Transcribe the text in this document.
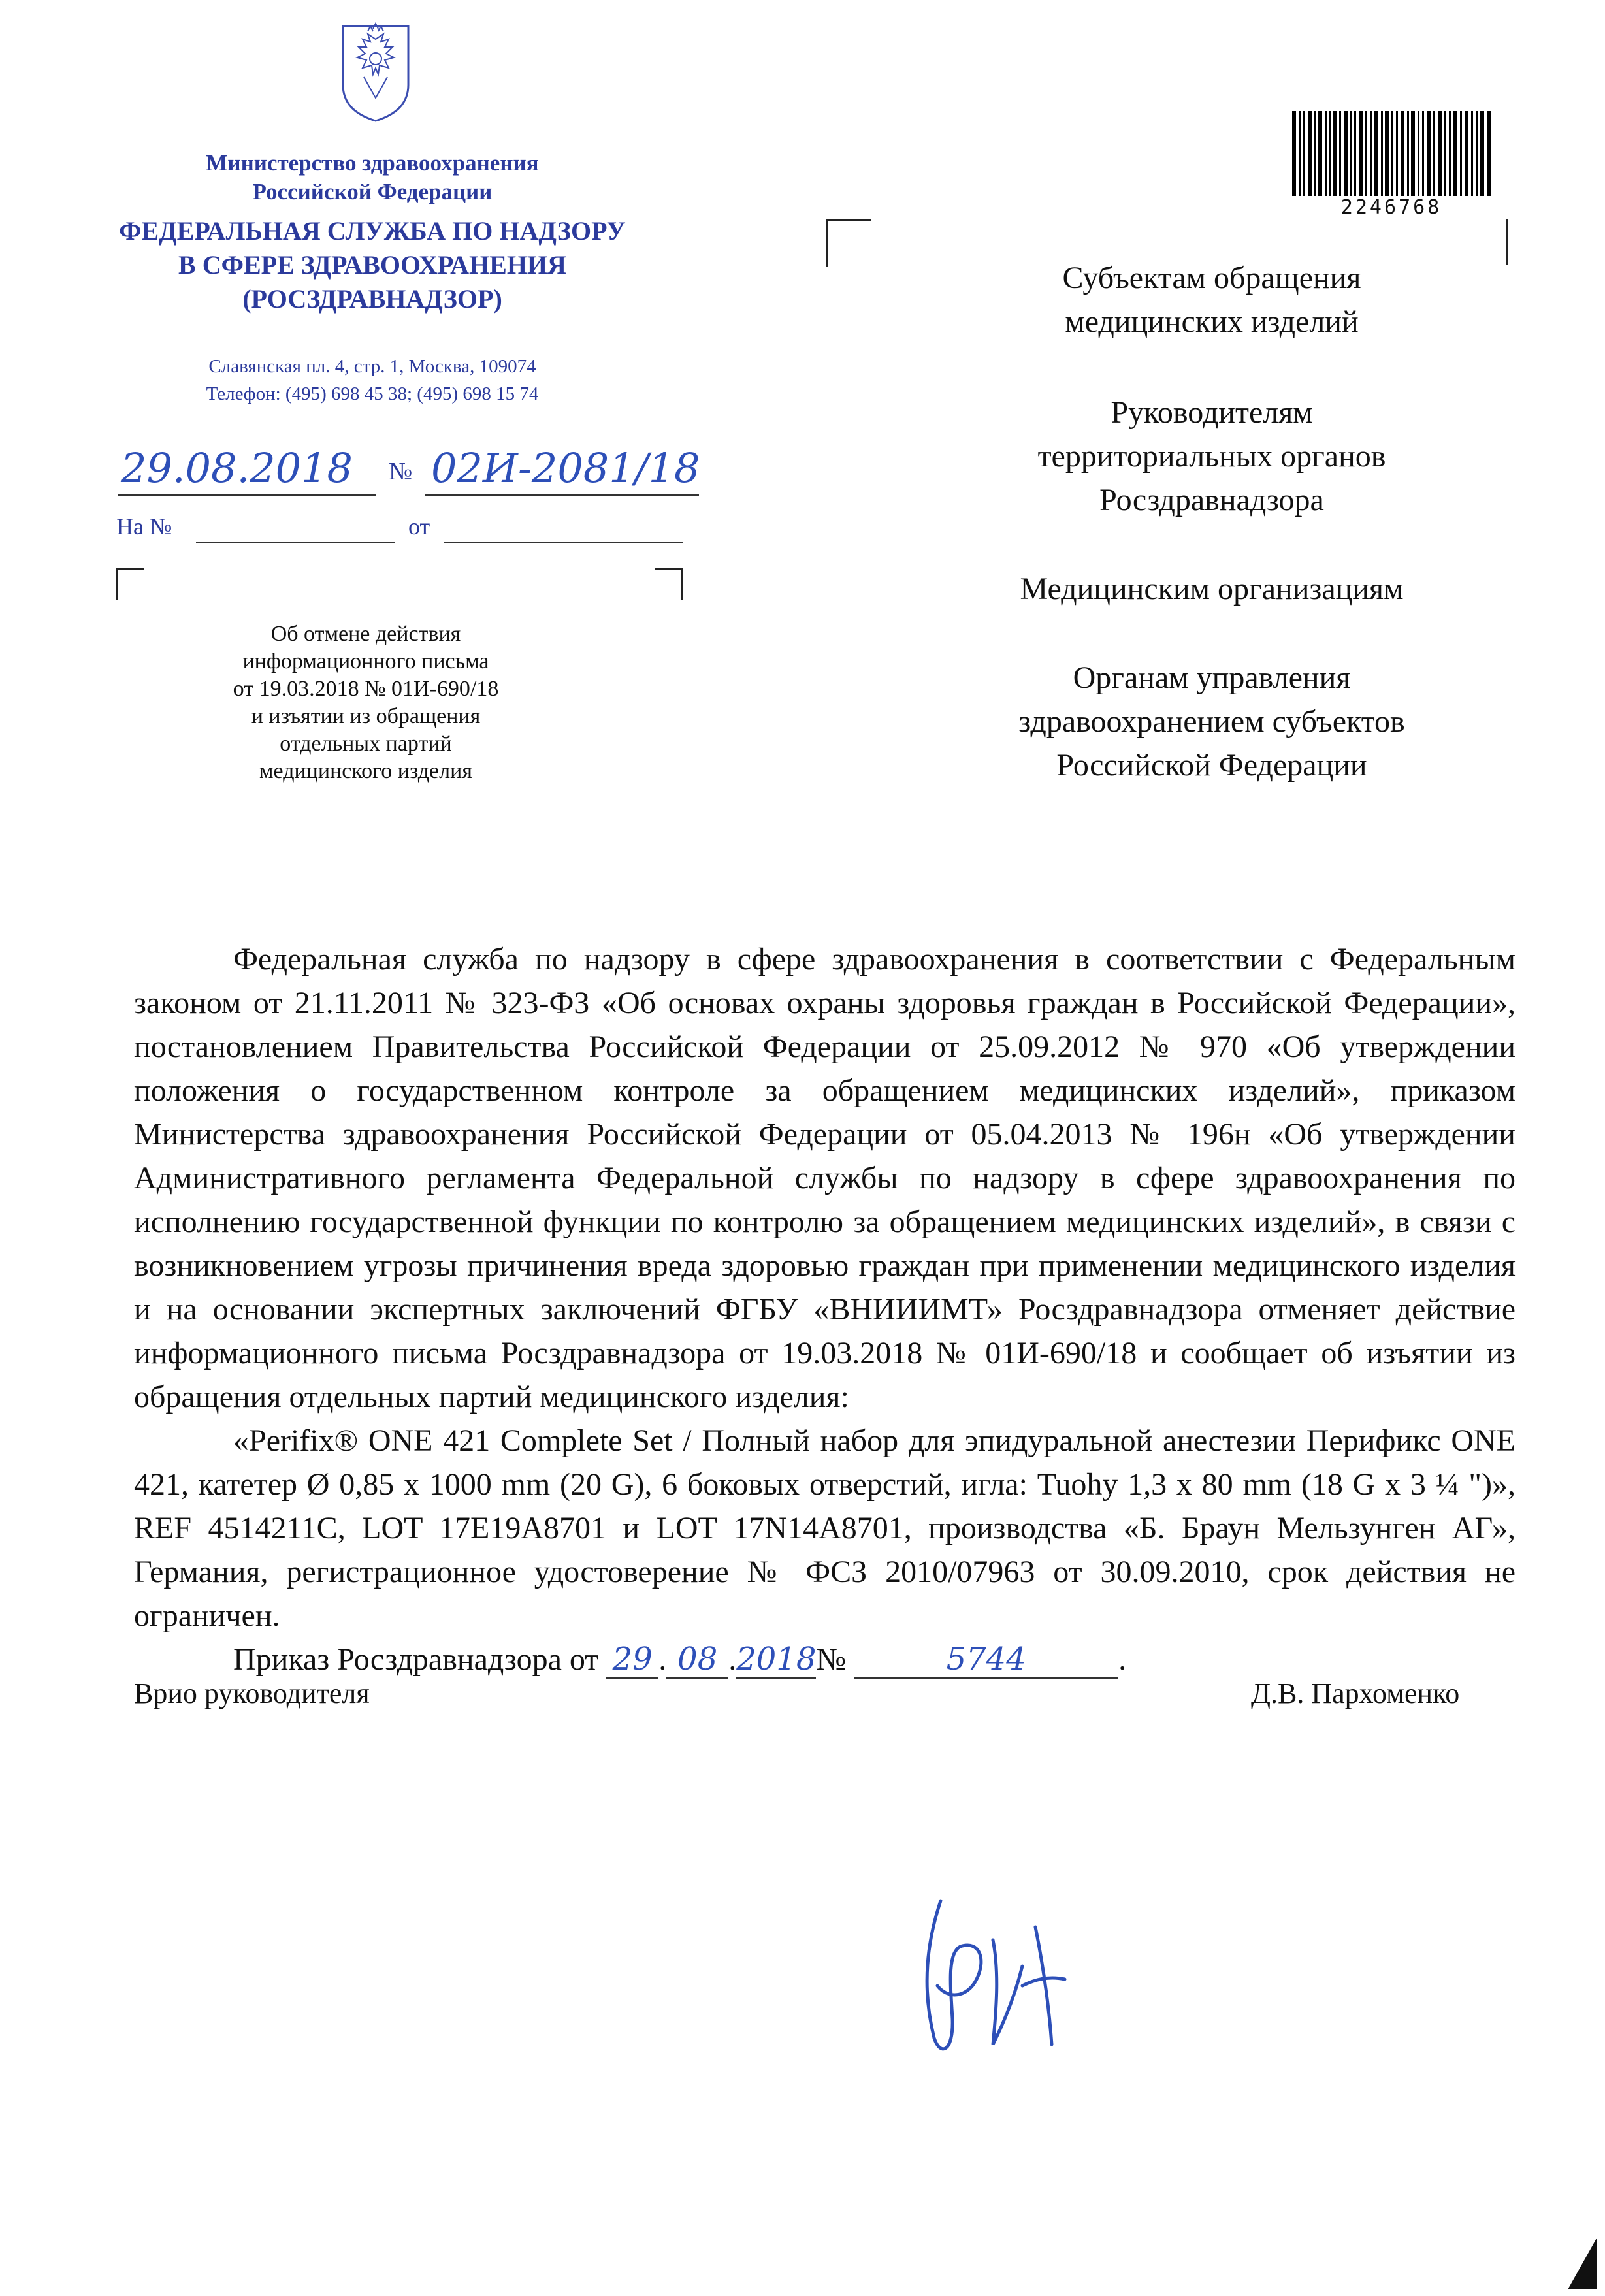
Министерство здравоохранения
Российской Федерации
ФЕДЕРАЛЬНАЯ СЛУЖБА ПО НАДЗОРУ
В СФЕРЕ ЗДРАВООХРАНЕНИЯ
(РОСЗДРАВНАДЗОР)
Славянская пл. 4, стр. 1, Москва, 109074
Телефон: (495) 698 45 38; (495) 698 15 74
29.08.2018 № 02И-2081/18
На №	от
2246768
Об отмене действия
информационного письма
от 19.03.2018 № 01И-690/18
и изъятии из обращения
отдельных партий
медицинского изделия
Субъектам обращения
медицинских изделий
Руководителям
территориальных органов
Росздравнадзора
Медицинским организациям
Органам управления
здравоохранением субъектов
Российской Федерации

Федеральная служба по надзору в сфере здравоохранения в соответствии с Федеральным законом от 21.11.2011 № 323-ФЗ «Об основах охраны здоровья граждан в Российской Федерации», постановлением Правительства Российской Федерации от 25.09.2012 № 970 «Об утверждении положения о государственном контроле за обращением медицинских изделий», приказом Министерства здравоохранения Российской Федерации от 05.04.2013 № 196н «Об утверждении Административного регламента Федеральной службы по надзору в сфере здравоохранения по исполнению государственной функции по контролю за обращением медицинских изделий», в связи с возникновением угрозы причинения вреда здоровью граждан при применении медицинского изделия и на основании экспертных заключений ФГБУ «ВНИИИМТ» Росздравнадзора отменяет действие информационного письма Росздравнадзора от 19.03.2018 № 01И-690/18 и сообщает об изъятии из обращения отдельных партий медицинского изделия:

«Perifix® ONE 421 Complete Set / Полный набор для эпидуральной анестезии Перификс ONE 421, катетер Ø 0,85 x 1000 mm (20 G), 6 боковых отверстий, игла: Tuohy 1,3 x 80 mm (18 G x 3 ¼ ")», REF 4514211C, LOT 17E19A8701 и LOT 17N14A8701, производства «Б. Браун Мельзунген АГ», Германия, регистрационное удостоверение № ФСЗ 2010/07963 от 30.09.2010, срок действия не ограничен.

Приказ Росздравнадзора от 29 . 08 .2018№	5744	.

Врио руководителя	Д.В. Пархоменко
